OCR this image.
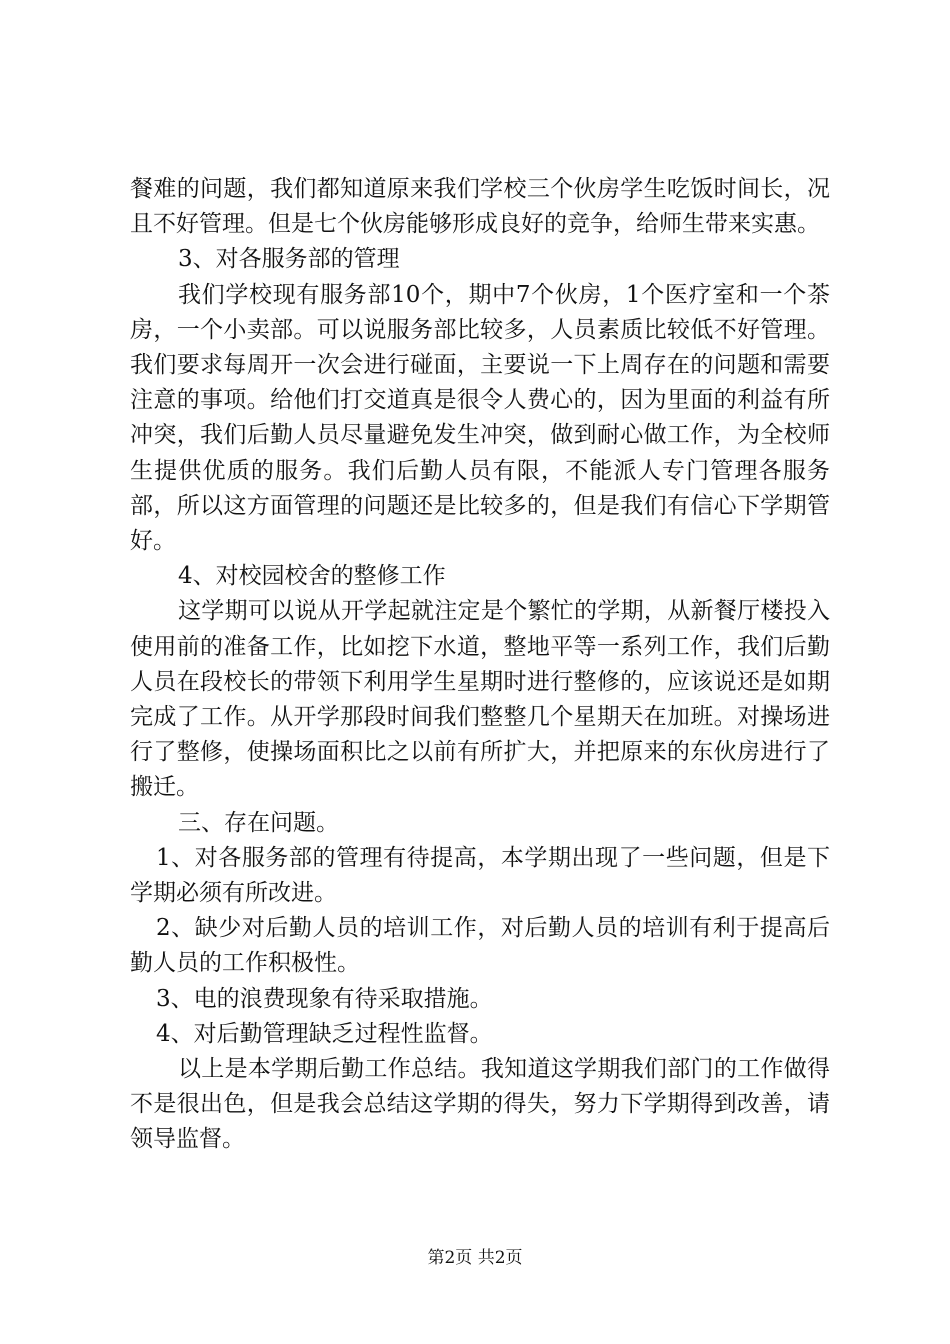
餐难的问题，我们都知道原来我们学校三个伙房学生吃饭时间长，况且不好管理。但是七个伙房能够形成良好的竞争，给师生带来实惠。

3、对各服务部的管理

我们学校现有服务部10个，期中7个伙房，1个医疗室和一个茶房，一个小卖部。可以说服务部比较多，人员素质比较低不好管理。我们要求每周开一次会进行碰面，主要说一下上周存在的问题和需要注意的事项。给他们打交道真是很令人费心的，因为里面的利益有所冲突，我们后勤人员尽量避免发生冲突，做到耐心做工作，为全校师生提供优质的服务。我们后勤人员有限，不能派人专门管理各服务部，所以这方面管理的问题还是比较多的，但是我们有信心下学期管好。

4、对校园校舍的整修工作

这学期可以说从开学起就注定是个繁忙的学期，从新餐厅楼投入使用前的准备工作，比如挖下水道，整地平等一系列工作，我们后勤人员在段校长的带领下利用学生星期时进行整修的，应该说还是如期完成了工作。从开学那段时间我们整整几个星期天在加班。对操场进行了整修，使操场面积比之以前有所扩大，并把原来的东伙房进行了搬迁。

三、存在问题。

1、对各服务部的管理有待提高，本学期出现了一些问题，但是下学期必须有所改进。

2、缺少对后勤人员的培训工作，对后勤人员的培训有利于提高后勤人员的工作积极性。

3、电的浪费现象有待采取措施。

4、对后勤管理缺乏过程性监督。

以上是本学期后勤工作总结。我知道这学期我们部门的工作做得不是很出色，但是我会总结这学期的得失，努力下学期得到改善，请领导监督。

第2页 共2页
